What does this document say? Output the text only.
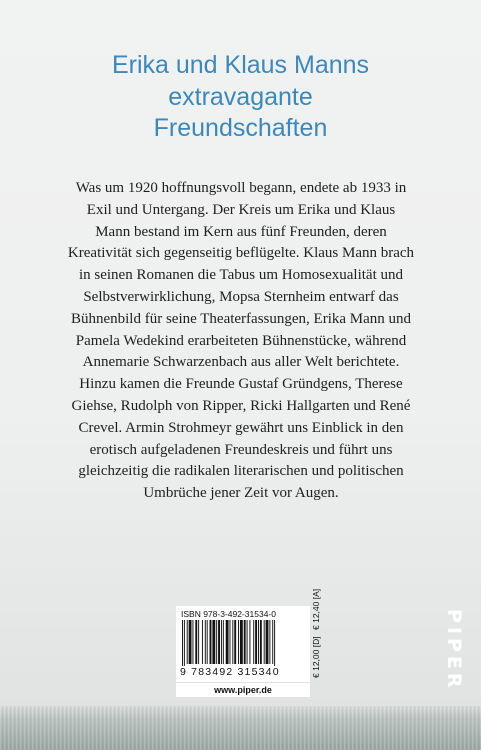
Erika und Klaus Manns
extravagante
Freundschaften
Was um 1920 hoffnungsvoll begann, endete ab 1933 in
Exil und Untergang. Der Kreis um Erika und Klaus
Mann bestand im Kern aus fünf Freunden, deren
Kreativität sich gegenseitig beflügelte. Klaus Mann brach
in seinen Romanen die Tabus um Homosexualität und
Selbstverwirklichung, Mopsa Sternheim entwarf das
Bühnenbild für seine Theaterfassungen, Erika Mann und
Pamela Wedekind erarbeiteten Bühnenstücke, während
Annemarie Schwarzenbach aus aller Welt berichtete.
Hinzu kamen die Freunde Gustaf Gründgens, Therese
Giehse, Rudolph von Ripper, Ricki Hallgarten und René
Crevel. Armin Strohmeyr gewährt uns Einblick in den
erotisch aufgeladenen Freundeskreis und führt uns
gleichzeitig die radikalen literarischen und politischen
Umbrüche jener Zeit vor Augen.
ISBN 978-3-492-31534-0
9 783492 315340	€ 12,00 [D]
€ 12,40 [A]
www.piper.de	PIPER
